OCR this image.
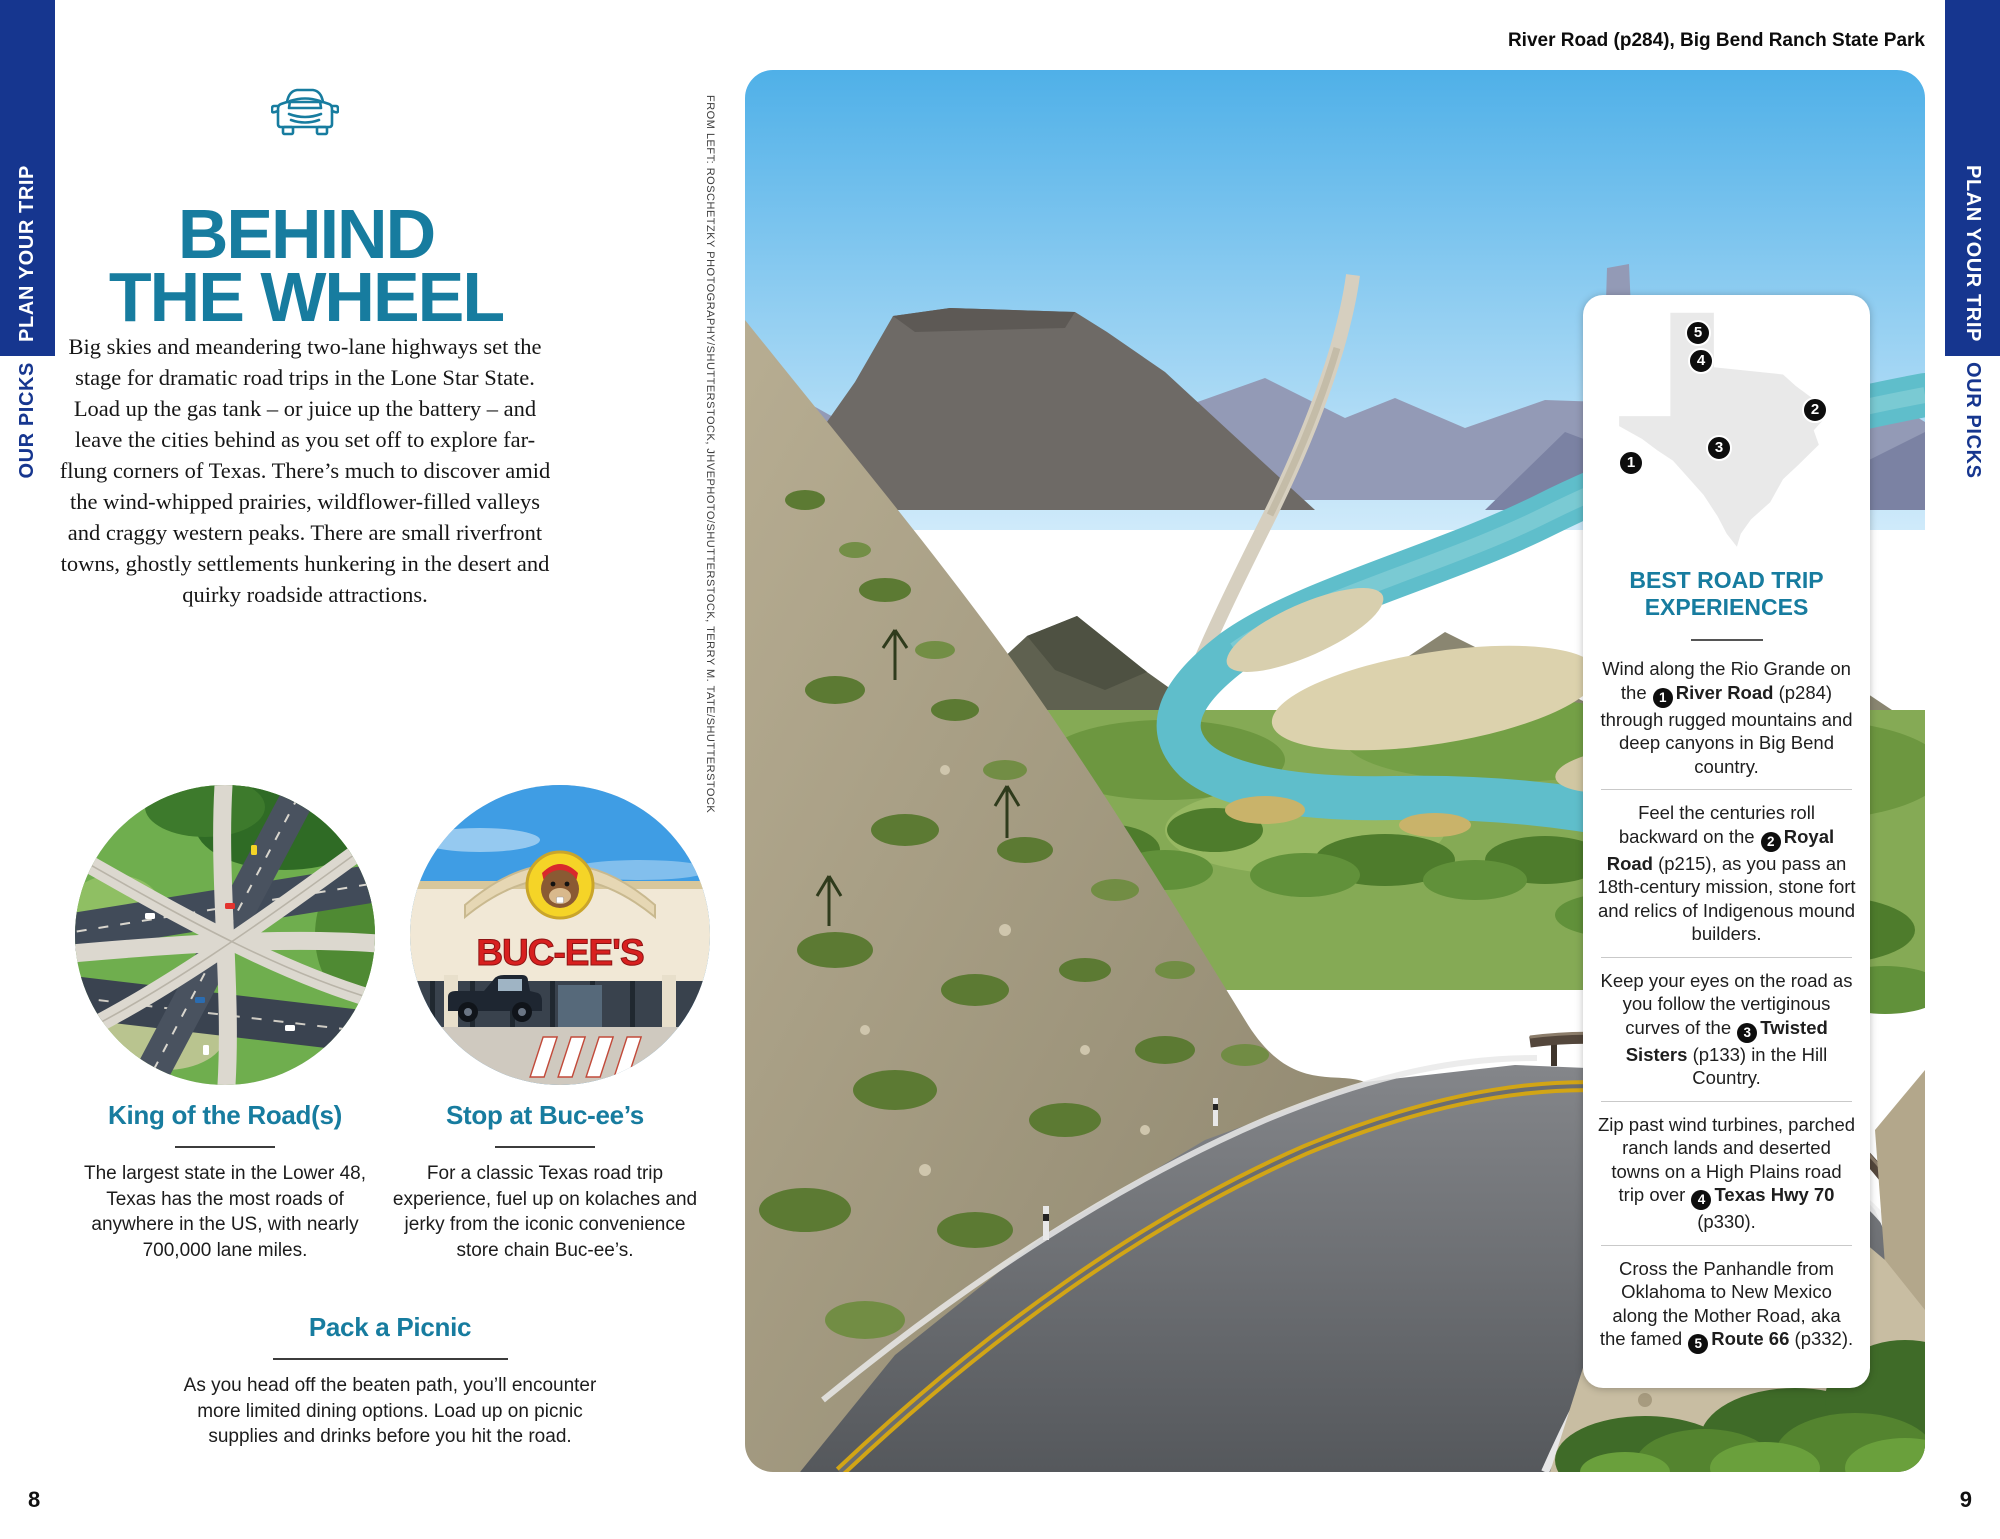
PLAN YOUR TRIP
OUR PICKS
PLAN YOUR TRIP
OUR PICKS
BEHIND
THE WHEEL

Big skies and meandering two-lane highways set the stage for dramatic road trips in the Lone Star State. Load up the gas tank – or juice up the battery – and leave the cities behind as you set off to explore far-flung corners of Texas. There’s much to discover amid the wind-whipped prairies, wildflower-filled valleys and craggy western peaks. There are small riverfront towns, ghostly settlements hunkering in the desert and quirky roadside attractions.

BUC-EE'S
King of the Road(s)

The largest state in the Lower 48, Texas has the most roads of anywhere in the US, with nearly 700,000 lane miles.

Stop at Buc-ee’s

For a classic Texas road trip experience, fuel up on kolaches and jerky from the iconic convenience store chain Buc-ee’s.

Pack a Picnic

As you head off the beaten path, you’ll encounter more limited dining options. Load up on picnic supplies and drinks before you hit the road.

River Road (p284), Big Bend Ranch State Park
FROM LEFT: ROSCHETZKY PHOTOGRAPHY/SHUTTERSTOCK, JHVEPHOTO/SHUTTERSTOCK, TERRY M. TATE/SHUTTERSTOCK	1
2
3
4
5
BEST ROAD TRIP
EXPERIENCES

Wind along the Rio Grande on the 1 River Road (p284) through rugged mountains and deep canyons in Big Bend country.

Feel the centuries roll backward on the 2 Royal Road (p215), as you pass an 18th-century mission, stone fort and relics of Indigenous mound builders.

Keep your eyes on the road as you follow the vertiginous curves of the 3 Twisted Sisters (p133) in the Hill Country.

Zip past wind turbines, parched ranch lands and deserted towns on a High Plains road trip over 4 Texas Hwy 70 (p330).

Cross the Panhandle from Oklahoma to New Mexico along the Mother Road, aka the famed 5 Route 66 (p332).

8	9
